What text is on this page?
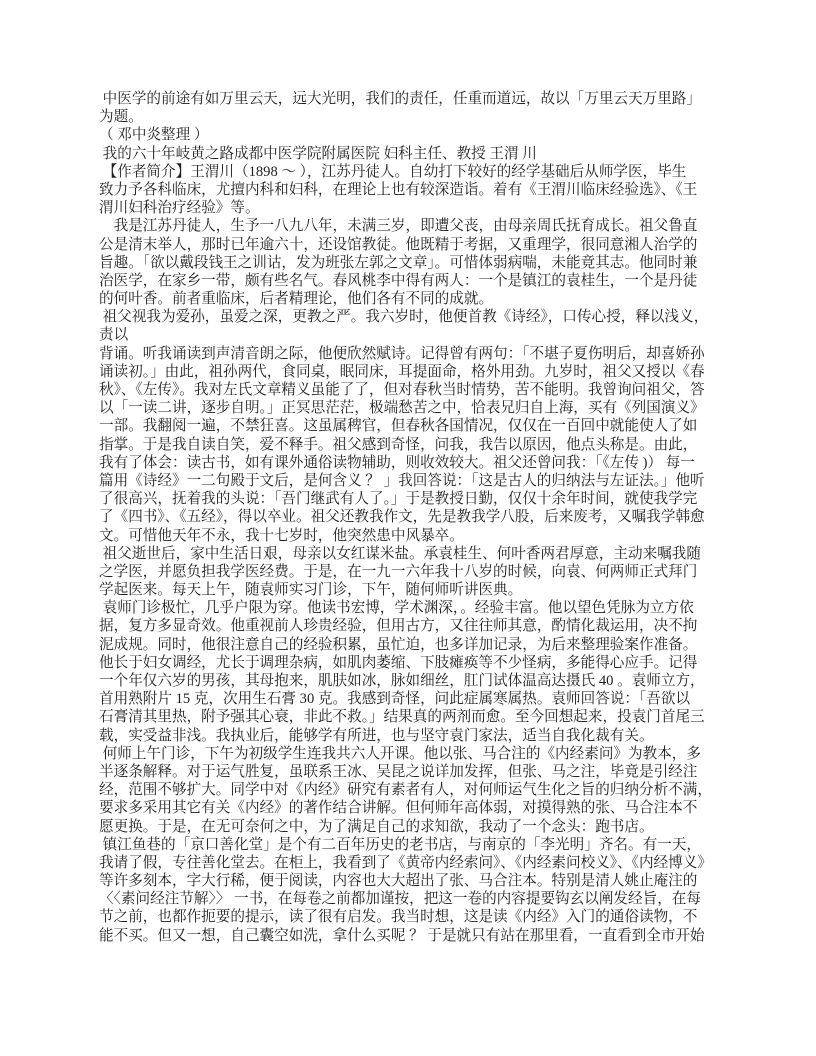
中医学的前途有如万里云天，远大光明，我们的责任，任重而道远，故以「万里云天万里路」
为题。
（ 邓中炎整理 ）
我的六十年岐黄之路成都中医学院附属医院 妇科主任、教授 王渭 川
【作者简介】王渭川（1898 ～ ），江苏丹徒人。自幼打下较好的经学基础后从师学医，毕生
致力予各科临床，尤擅内科和妇科，在理论上也有较深造诣。着有《王渭川临床经验选》、《王
渭川妇科治疗经验》等。
　我是江苏丹徒人，生予一八九八年，未满三岁，即遭父丧，由母亲周氏抚育成长。祖父鲁直
公是清末举人，那时已年逾六十，还设馆教徒。他既精于考据，又重理学，很同意湘人治学的
旨趣。「欲以戴段钱王之训诂，发为班张左郭之文章」。可惜体弱病喘，未能竟其志。他同时兼
治医学，在家乡一带，颇有些名气。春风桃李中得有两人：一个是镇江的袁桂生，一个是丹徒
的何叶香。前者重临床，后者精理论，他们各有不同的成就。
祖父视我为爱孙，虽爱之深，更教之严。我六岁时，他便首教《诗经》，口传心授，释以浅义，
责以
背诵。听我诵读到声清音朗之际，他便欣然赋诗。记得曾有两句：「不堪子夏伤明后，却喜娇孙
诵读初。」由此，祖孙两代，食同桌，眠同床，耳提面命，格外用劲。九岁时，祖父又授以《春
秋》、《左传》。我对左氏文章精义虽能了了，但对春秋当时情势，苦不能明。我曾询问祖父，答
以「一读二讲，逐步自明。」正冥思茫茫，极端愁苦之中，恰表兄归自上海，买有《列国演义》
一部。我翻阅一遍，不禁狂喜。这虽属稗官，但春秋各国情况，仅仅在一百回中就能使人了如
指掌。于是我自读自笑，爱不释手。祖父感到奇怪，问我，我告以原因，他点头称是。由此，
我有了体会：读古书，如有课外通俗读物辅助，则收效较大。祖父还曾问我：「《左传 )） 每一
篇用《诗经》一二句殿于文后，是何含义 ？ 」我回答说：「这是古人的归纳法与左证法。」他听
了很高兴，抚着我的头说：「吾门继武有人了。」于是教授日勤，仅仅十余年时间，就使我学完
了《四书》、《五经》，得以卒业。祖父还教我作文，先是教我学八股，后来废考，又嘱我学韩愈
文。可惜他天年不永，我十七岁时，他突然患中风暴卒。
祖父逝世后，家中生活日艰，母亲以女红谋米盐。承袁桂生、何叶香两君厚意，主动来嘱我随
之学医，并愿负担我学医经费。于是，在一九一六年我十八岁的时候，向袁、何两师正式拜门
学起医来。每天上午，随袁师实习门诊，下午，随何师听讲医典。
袁师门诊极忙，几乎户限为穿。他读书宏博，学术渊深，。经验丰富。他以望色凭脉为立方依
据，复方多显奇效。他重视前人珍贵经验，但用古方，又往往师其意，酌情化裁运用，决不拘
泥成规。同时，他很注意自己的经验积累，虽忙迫，也多详加记录，为后来整理验案作准备。
他长于妇女调经，尤长于调理杂病，如肌肉萎缩、下肢瘫痪等不少怪病，多能得心应手。记得
一个年仅六岁的男孩，其母抱来，肌肤如冰，脉如细丝，肛门试体温高达摄氏 40 。袁师立方，
首用熟附片 15 克，次用生石膏 30 克。我感到奇怪，问此症属寒属热。袁师回答说：「吾欲以
石膏清其里热，附予强其心衰，非此不救。」结果真的两剂而愈。至今回想起来，投袁门首尾三
载，实受益非浅。我执业后，能够学有所进，也与坚守袁门家法，适当自我化裁有关。
何师上午门诊，下午为初级学生连我共六人开课。他以张、马合注的《内经素问》为教本，多
半逐条解释。对于运气胜复，虽联系王冰、吴昆之说详加发挥，但张、马之注，毕竟是引经注
经，范围不够扩大。同学中对《内经》研究有素者有人，对何师运气生化之旨的归纳分析不满，
要求多采用其它有关《内经》的著作结合讲解。但何师年高体弱，对摸得熟的张、马合注本不
愿更换。于是，在无可奈何之中，为了满足自己的求知欲，我动了一个念头：跑书店。
镇江鱼巷的「京口善化堂」是个有二百年历史的老书店，与南京的「李光明」齐名。有一天，
我请了假，专往善化堂去。在柜上，我看到了《黄帝内经索问》、《内经素问校义》、《内经博义》
等许多刻本，字大行稀，便于阅读，内容也大大超出了张、马合注本。特别是清人姚止庵注的
〈〈素问经注节解〉〉 一书，在每卷之前都加谨按，把这一卷的内容提要钩玄以阐发经旨，在每
节之前，也都作扼要的提示，读了很有启发。我当时想，这是读《内经》入门的通俗读物，不
能不买。但又一想，自己囊空如洗，拿什么买呢 ？ 于是就只有站在那里看，一直看到全市开始
